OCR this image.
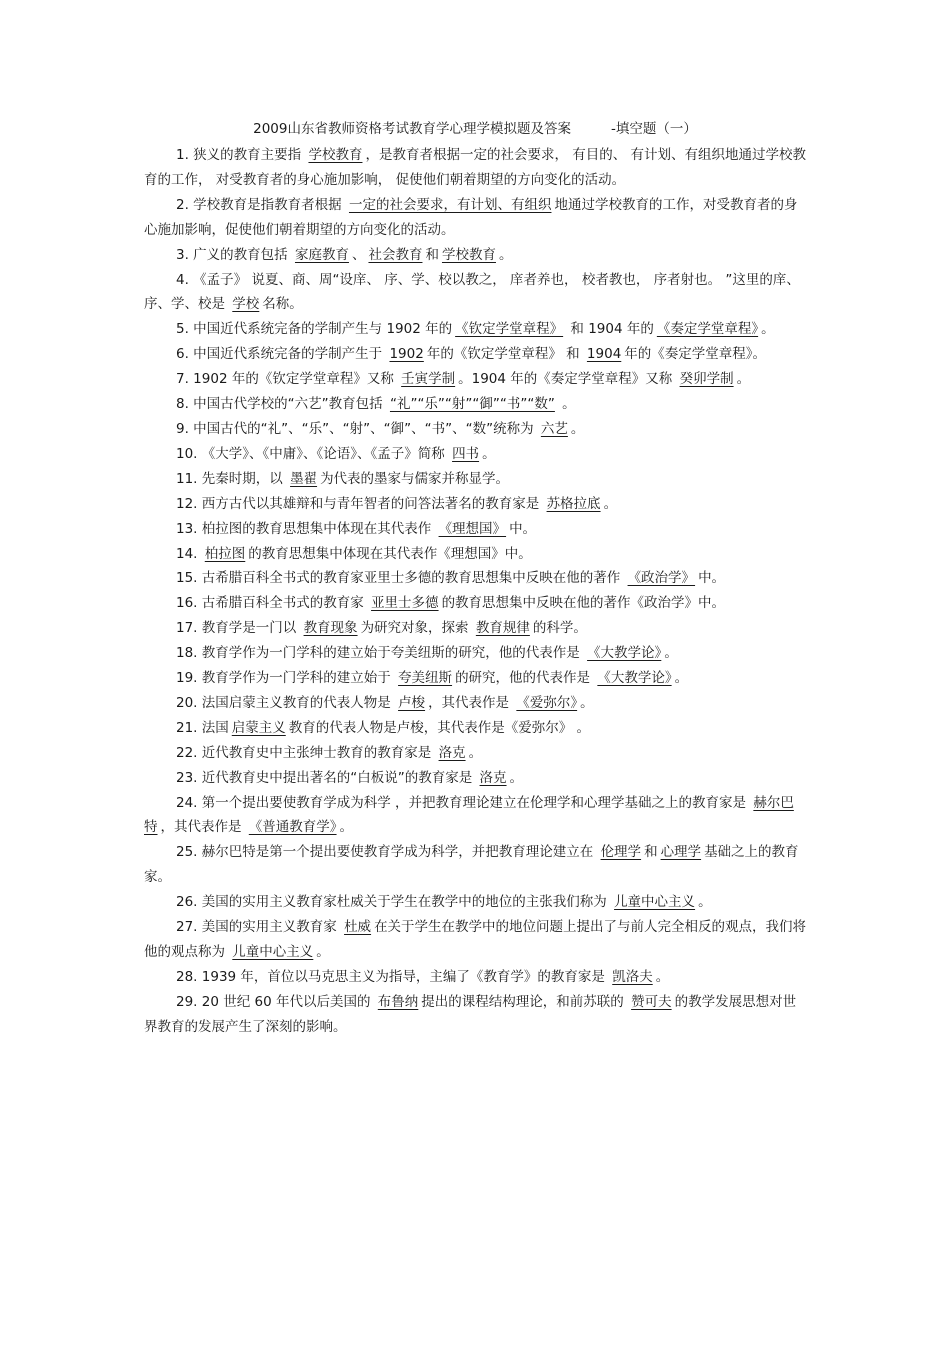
2009山东省教师资格考试教育学心理学模拟题及答案	-填空题（一）

1. 狭义的教育主要指 学校教育 ，是教育者根据一定的社会要求， 有目的、 有计划、有组织地通过学校教育的工作， 对受教育者的身心施加影响， 促使他们朝着期望的方向变化的活动。

2. 学校教育是指教育者根据 一定的社会要求，有计划、有组织 地通过学校教育的工作，对受教育者的身心施加影响，促使他们朝着期望的方向变化的活动。

3. 广义的教育包括 家庭教育 、 社会教育 和 学校教育 。

4. 《孟子》 说夏、商、周“设庠、 序、学、校以教之， 庠者养也， 校者教也， 序者射也。 ”这里的庠、序、学、校是 学校 名称。

5. 中国近代系统完备的学制产生与 1902 年的 《钦定学堂章程》 和 1904 年的 《奏定学堂章程》 。

6. 中国近代系统完备的学制产生于 1902 年的《钦定学堂章程》 和 1904 年的《奏定学堂章程》。

7. 1902 年的《钦定学堂章程》又称 壬寅学制 。1904 年的《奏定学堂章程》又称 癸卯学制 。

8. 中国古代学校的“六艺”教育包括 “礼”“乐”“射”“御”“书”“数” 。

9. 中国古代的“礼”、“乐”、“射”、“御”、“书”、“数”统称为 六艺 。

10. 《大学》、《中庸》、《论语》、《孟子》简称 四书 。

11. 先秦时期，以 墨翟 为代表的墨家与儒家并称显学。

12. 西方古代以其雄辩和与青年智者的问答法著名的教育家是 苏格拉底 。

13. 柏拉图的教育思想集中体现在其代表作 《理想国》 中。

14. 柏拉图 的教育思想集中体现在其代表作《理想国》中。

15. 古希腊百科全书式的教育家亚里士多德的教育思想集中反映在他的著作 《政治学》 中。

16. 古希腊百科全书式的教育家 亚里士多德 的教育思想集中反映在他的著作《政治学》中。

17. 教育学是一门以 教育现象 为研究对象，探索 教育规律 的科学。

18. 教育学作为一门学科的建立始于夸美纽斯的研究，他的代表作是 《大教学论》 。

19. 教育学作为一门学科的建立始于 夸美纽斯 的研究，他的代表作是 《大教学论》 。

20. 法国启蒙主义教育的代表人物是 卢梭 ，其代表作是 《爱弥尔》 。

21. 法国 启蒙主义 教育的代表人物是卢梭，其代表作是《爱弥尔》 。

22. 近代教育史中主张绅士教育的教育家是 洛克 。

23. 近代教育史中提出著名的“白板说”的教育家是 洛克 。

24. 第一个提出要使教育学成为科学 ，并把教育理论建立在伦理学和心理学基础之上的教育家是 赫尔巴特 ，其代表作是 《普通教育学》 。

25. 赫尔巴特是第一个提出要使教育学成为科学，并把教育理论建立在 伦理学 和 心理学 基础之上的教育家。

26. 美国的实用主义教育家杜威关于学生在教学中的地位的主张我们称为 儿童中心主义 。

27. 美国的实用主义教育家 杜威 在关于学生在教学中的地位问题上提出了与前人完全相反的观点，我们将他的观点称为 儿童中心主义 。

28. 1939 年，首位以马克思主义为指导，主编了《教育学》的教育家是 凯洛夫 。

29. 20 世纪 60 年代以后美国的 布鲁纳 提出的课程结构理论，和前苏联的 赞可夫 的教学发展思想对世界教育的发展产生了深刻的影响。
